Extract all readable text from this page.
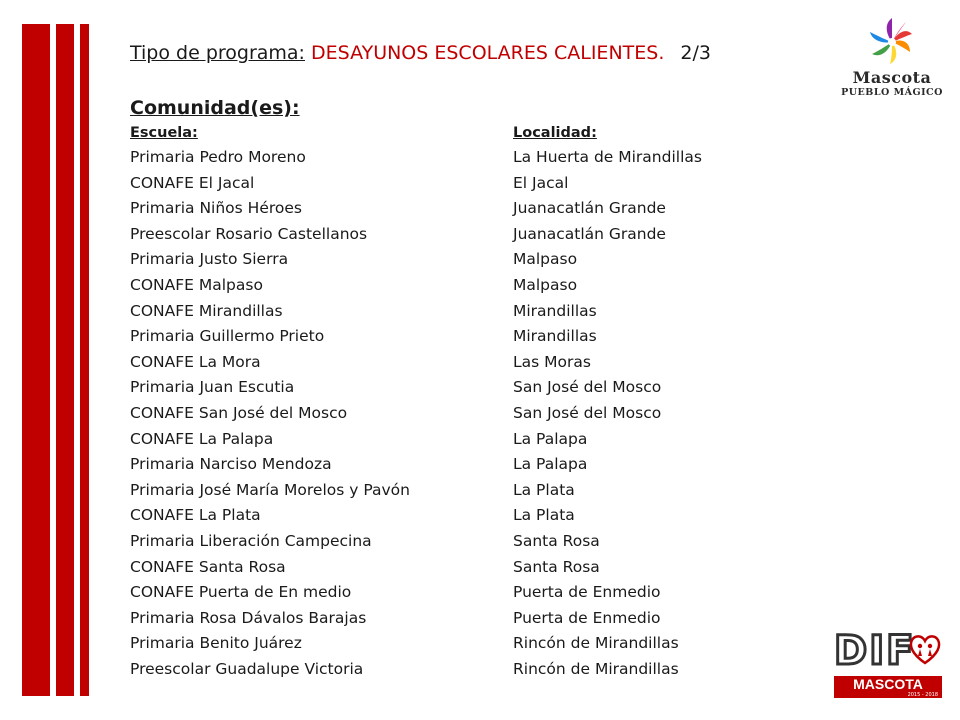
Tipo de programa: DESAYUNOS ESCOLARES CALIENTES. 2/3
Comunidad(es):
Escuela:	Localidad:
Primaria Pedro Moreno	La Huerta de Mirandillas
CONAFE El Jacal	El Jacal
Primaria Niños Héroes	Juanacatlán Grande
Preescolar Rosario Castellanos	Juanacatlán Grande
Primaria Justo Sierra	Malpaso
CONAFE Malpaso	Malpaso
CONAFE Mirandillas	Mirandillas
Primaria Guillermo Prieto	Mirandillas
CONAFE La Mora	Las Moras
Primaria Juan Escutia	San José del Mosco
CONAFE San José del Mosco	San José del Mosco
CONAFE La Palapa	La Palapa
Primaria Narciso Mendoza	La Palapa
Primaria José María Morelos y Pavón	La Plata
CONAFE La Plata	La Plata
Primaria Liberación Campecina	Santa Rosa
CONAFE Santa Rosa	Santa Rosa
CONAFE Puerta de En medio	Puerta de Enmedio
Primaria Rosa Dávalos Barajas	Puerta de Enmedio
Primaria Benito Juárez	Rincón de Mirandillas
Preescolar Guadalupe Victoria	Rincón de Mirandillas
Mascota
PUEBLO MÁGICO
DIF
MASCOTA
2015 - 2018
